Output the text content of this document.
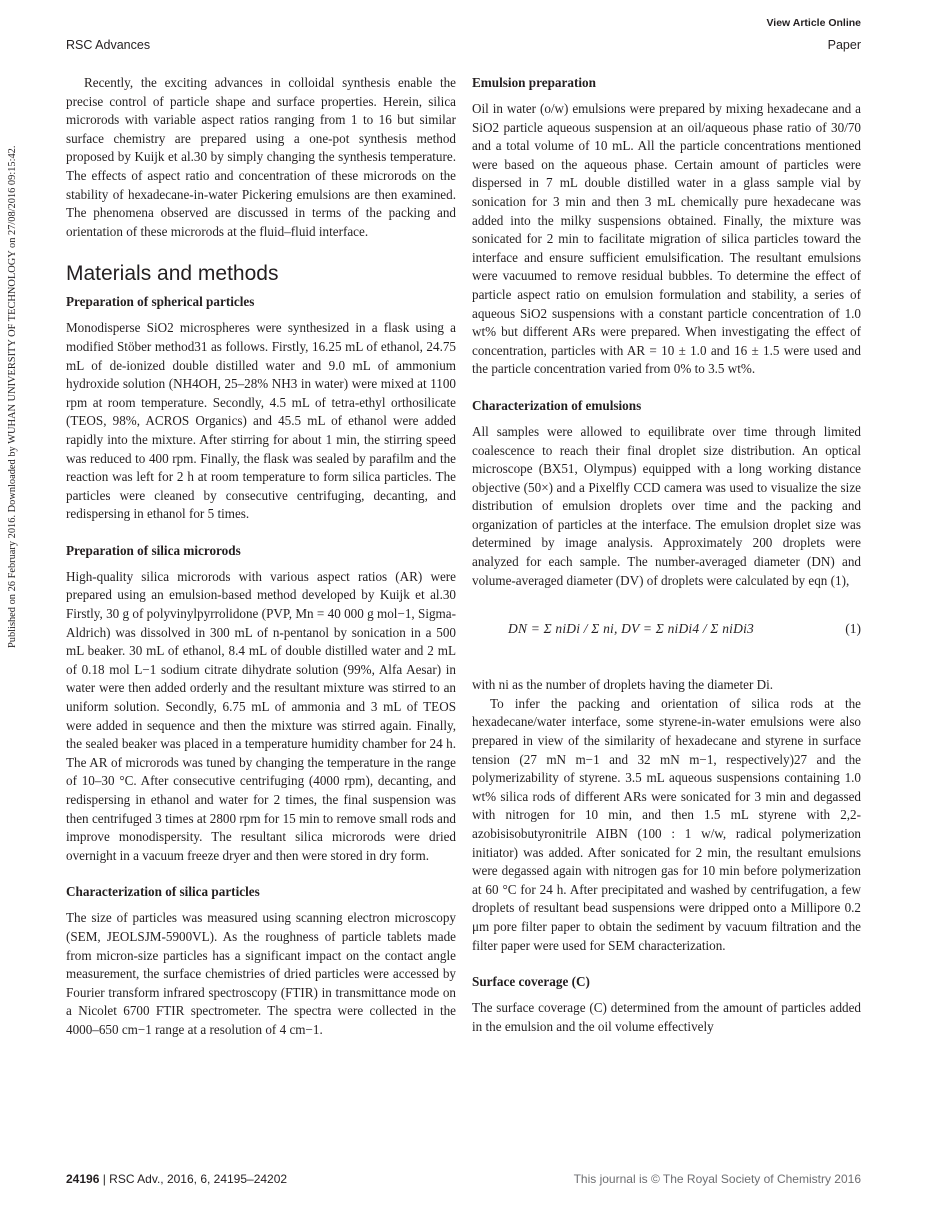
View Article Online
RSC Advances	Paper
Published on 26 February 2016. Downloaded by WUHAN UNIVERSITY OF TECHNOLOGY on 27/08/2016 09:15:42.

Recently, the exciting advances in colloidal synthesis enable the precise control of particle shape and surface properties. Herein, silica microrods with variable aspect ratios ranging from 1 to 16 but similar surface chemistry are prepared using a one-pot synthesis method proposed by Kuijk et al.30 by simply changing the synthesis temperature. The effects of aspect ratio and concentration of these microrods on the stability of hexadecane-in-water Pickering emulsions are then examined. The phenomena observed are discussed in terms of the packing and orientation of these microrods at the fluid–fluid interface.

Materials and methods
Preparation of spherical particles

Monodisperse SiO2 microspheres were synthesized in a flask using a modified Stöber method31 as follows. Firstly, 16.25 mL of ethanol, 24.75 mL of de-ionized double distilled water and 9.0 mL of ammonium hydroxide solution (NH4OH, 25–28% NH3 in water) were mixed at 1100 rpm at room temperature. Secondly, 4.5 mL of tetra-ethyl orthosilicate (TEOS, 98%, ACROS Organics) and 45.5 mL of ethanol were added rapidly into the mixture. After stirring for about 1 min, the stirring speed was reduced to 400 rpm. Finally, the flask was sealed by parafilm and the reaction was left for 2 h at room temperature to form silica particles. The particles were cleaned by consecutive centrifuging, decanting, and redispersing in ethanol for 5 times.

Preparation of silica microrods

High-quality silica microrods with various aspect ratios (AR) were prepared using an emulsion-based method developed by Kuijk et al.30 Firstly, 30 g of polyvinylpyrrolidone (PVP, Mn = 40 000 g mol−1, Sigma-Aldrich) was dissolved in 300 mL of n-pentanol by sonication in a 500 mL beaker. 30 mL of ethanol, 8.4 mL of double distilled water and 2 mL of 0.18 mol L−1 sodium citrate dihydrate solution (99%, Alfa Aesar) in water were then added orderly and the resultant mixture was stirred to an uniform solution. Secondly, 6.75 mL of ammonia and 3 mL of TEOS were added in sequence and then the mixture was stirred again. Finally, the sealed beaker was placed in a temperature humidity chamber for 24 h. The AR of microrods was tuned by changing the temperature in the range of 10–30 °C. After consecutive centrifuging (4000 rpm), decanting, and redispersing in ethanol and water for 2 times, the final suspension was then centrifuged 3 times at 2800 rpm for 15 min to remove small rods and improve monodispersity. The resultant silica microrods were dried overnight in a vacuum freeze dryer and then were stored in dry form.

Characterization of silica particles

The size of particles was measured using scanning electron microscopy (SEM, JEOLSJM-5900VL). As the roughness of particle tablets made from micron-size particles has a significant impact on the contact angle measurement, the surface chemistries of dried particles were accessed by Fourier transform infrared spectroscopy (FTIR) in transmittance mode on a Nicolet 6700 FTIR spectrometer. The spectra were collected in the 4000–650 cm−1 range at a resolution of 4 cm−1.

Emulsion preparation

Oil in water (o/w) emulsions were prepared by mixing hexadecane and a SiO2 particle aqueous suspension at an oil/aqueous phase ratio of 30/70 and a total volume of 10 mL. All the particle concentrations mentioned were based on the aqueous phase. Certain amount of particles were dispersed in 7 mL double distilled water in a glass sample vial by sonication for 3 min and then 3 mL chemically pure hexadecane was added into the milky suspensions obtained. Finally, the mixture was sonicated for 2 min to facilitate migration of silica particles toward the interface and ensure sufficient emulsification. The resultant emulsions were vacuumed to remove residual bubbles. To determine the effect of particle aspect ratio on emulsion formulation and stability, a series of aqueous SiO2 suspensions with a constant particle concentration of 1.0 wt% but different ARs were prepared. When investigating the effect of concentration, particles with AR = 10 ± 1.0 and 16 ± 1.5 were used and the particle concentration varied from 0% to 3.5 wt%.

Characterization of emulsions

All samples were allowed to equilibrate over time through limited coalescence to reach their final droplet size distribution. An optical microscope (BX51, Olympus) equipped with a long working distance objective (50×) and a Pixelfly CCD camera was used to visualize the size distribution of emulsion droplets over time and the packing and organization of particles at the interface. The emulsion droplet size was determined by image analysis. Approximately 200 droplets were analyzed for each sample. The number-averaged diameter (DN) and volume-averaged diameter (DV) of droplets were calculated by eqn (1),

DN = Σ niDi / Σ ni, DV = Σ niDi4 / Σ niDi3	(1)

with ni as the number of droplets having the diameter Di.

To infer the packing and orientation of silica rods at the hexadecane/water interface, some styrene-in-water emulsions were also prepared in view of the similarity of hexadecane and styrene in surface tension (27 mN m−1 and 32 mN m−1, respectively)27 and the polymerizability of styrene. 3.5 mL aqueous suspensions containing 1.0 wt% silica rods of different ARs were sonicated for 3 min and degassed with nitrogen for 10 min, and then 1.5 mL styrene with 2,2-azobisisobutyronitrile AIBN (100 : 1 w/w, radical polymerization initiator) was added. After sonicated for 2 min, the resultant emulsions were degassed again with nitrogen gas for 10 min before polymerization at 60 °C for 24 h. After precipitated and washed by centrifugation, a few droplets of resultant bead suspensions were dripped onto a Millipore 0.2 μm pore filter paper to obtain the sediment by vacuum filtration and the filter paper were used for SEM characterization.

Surface coverage (C)

The surface coverage (C) determined from the amount of particles added in the emulsion and the oil volume effectively

24196 | RSC Adv., 2016, 6, 24195–24202	This journal is © The Royal Society of Chemistry 2016
